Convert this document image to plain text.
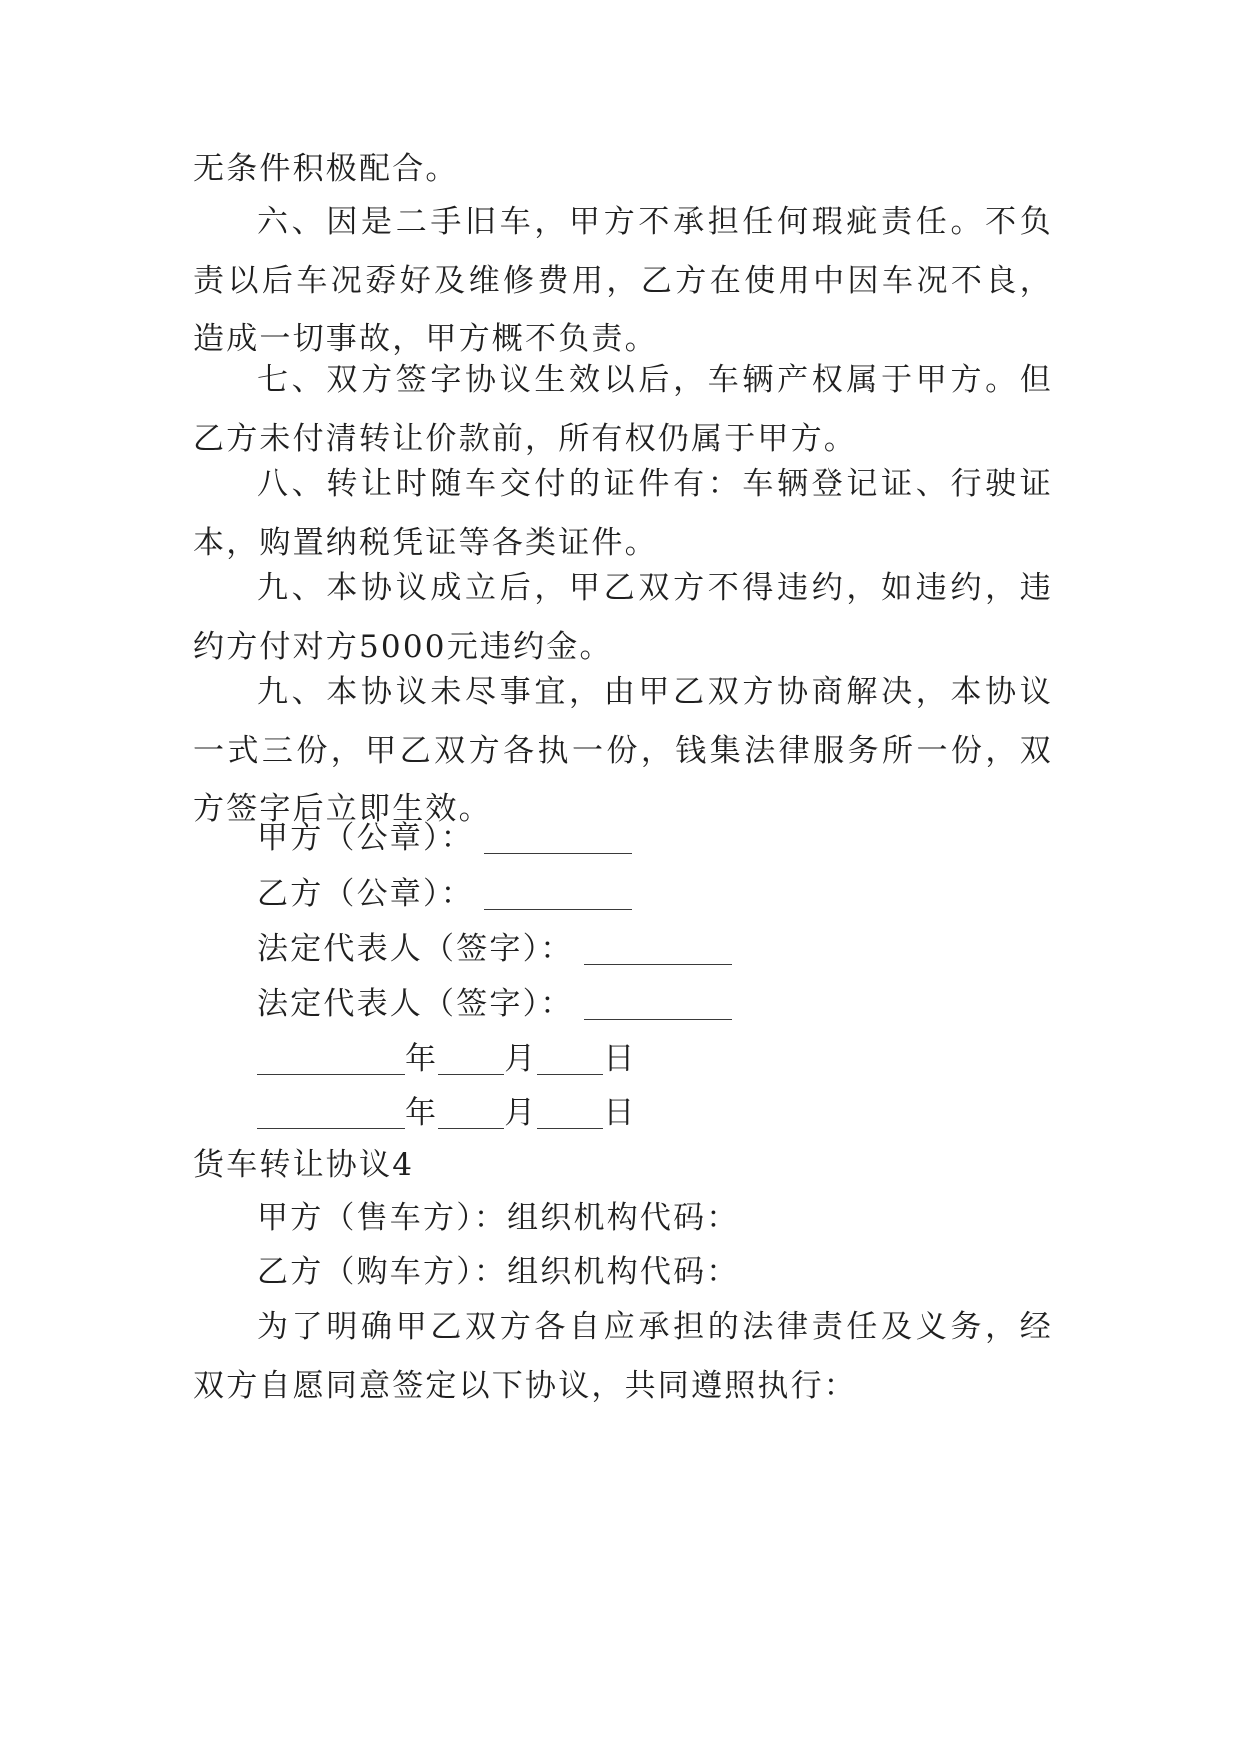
无条件积极配合。

六、因是二手旧车，甲方不承担任何瑕疵责任。不负责以后车况孬好及维修费用，乙方在使用中因车况不良，造成一切事故，甲方概不负责。

七、双方签字协议生效以后，车辆产权属于甲方。但乙方未付清转让价款前，所有权仍属于甲方。

八、转让时随车交付的证件有：车辆登记证、行驶证本，购置纳税凭证等各类证件。

九、本协议成立后，甲乙双方不得违约，如违约，违约方付对方5000元违约金。

九、本协议未尽事宜，由甲乙双方协商解决，本协议一式三份，甲乙双方各执一份，钱集法律服务所一份，双方签字后立即生效。

甲方（公章）：
乙方（公章）：
法定代表人（签字）：
法定代表人（签字）：
年 月 日
年 月 日
货车转让协议4
甲方（售车方）：组织机构代码：
乙方（购车方）：组织机构代码：

为了明确甲乙双方各自应承担的法律责任及义务，经双方自愿同意签定以下协议，共同遵照执行：
